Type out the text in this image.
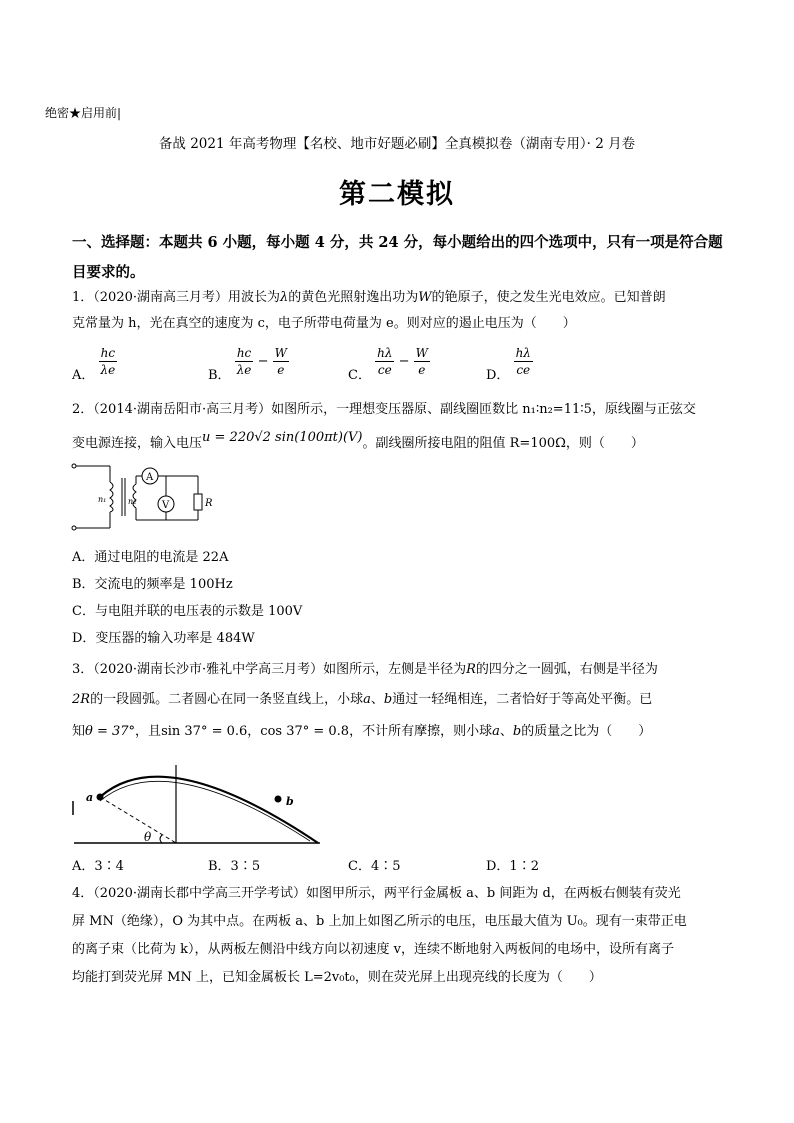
绝密★启用前|
备战 2021 年高考物理【名校、地市好题必刷】全真模拟卷（湖南专用）· 2 月卷
第二模拟
一、选择题：本题共 6 小题，每小题 4 分，共 24 分，每小题给出的四个选项中，只有一项是符合题目要求的。
1．（2020·湖南高三月考）用波长为λ的黄色光照射逸出功为W的铯原子，使之发生光电效应。已知普朗
克常量为 h，光在真空的速度为 c，电子所带电荷量为 e。则对应的遏止电压为（　　）
A． $\frac{hc}{\lambda e}$	B． $\frac{hc}{\lambda e} - \frac{W}{e}$	C． $\frac{h\lambda}{ce} - \frac{W}{e}$	D． $\frac{h\lambda}{ce}$
2．（2014·湖南岳阳市·高三月考）如图所示，一理想变压器原、副线圈匝数比 n₁∶n₂=11∶5，原线圈与正弦交
变电源连接，输入电压u = 220√2 sin(100πt)(V)。副线圈所接电阻的阻值 R=100Ω，则（　　）
A
V	R
n₁	n₂
A．通过电阻的电流是 22A
B．交流电的频率是 100Hz
C．与电阻并联的电压表的示数是 100V
D．变压器的输入功率是 484W
3．（2020·湖南长沙市·雅礼中学高三月考）如图所示，左侧是半径为R的四分之一圆弧，右侧是半径为
2R的一段圆弧。二者圆心在同一条竖直线上，小球a、b通过一轻绳相连，二者恰好于等高处平衡。已
知θ = 37°，且sin 37° = 0.6，cos 37° = 0.8，不计所有摩擦，则小球a、b的质量之比为（　　）
a	b
θ
A．3∶4	B．3∶5	C．4∶5	D．1∶2
4．（2020·湖南长郡中学高三开学考试）如图甲所示，两平行金属板 a、b 间距为 d，在两板右侧装有荧光
屏 MN（绝缘），O 为其中点。在两板 a、b 上加上如图乙所示的电压，电压最大值为 U₀。现有一束带正电
的离子束（比荷为 k），从两板左侧沿中线方向以初速度 v，连续不断地射入两板间的电场中，设所有离子
均能打到荧光屏 MN 上，已知金属板长 L=2v₀t₀，则在荧光屏上出现亮线的长度为（　　）
